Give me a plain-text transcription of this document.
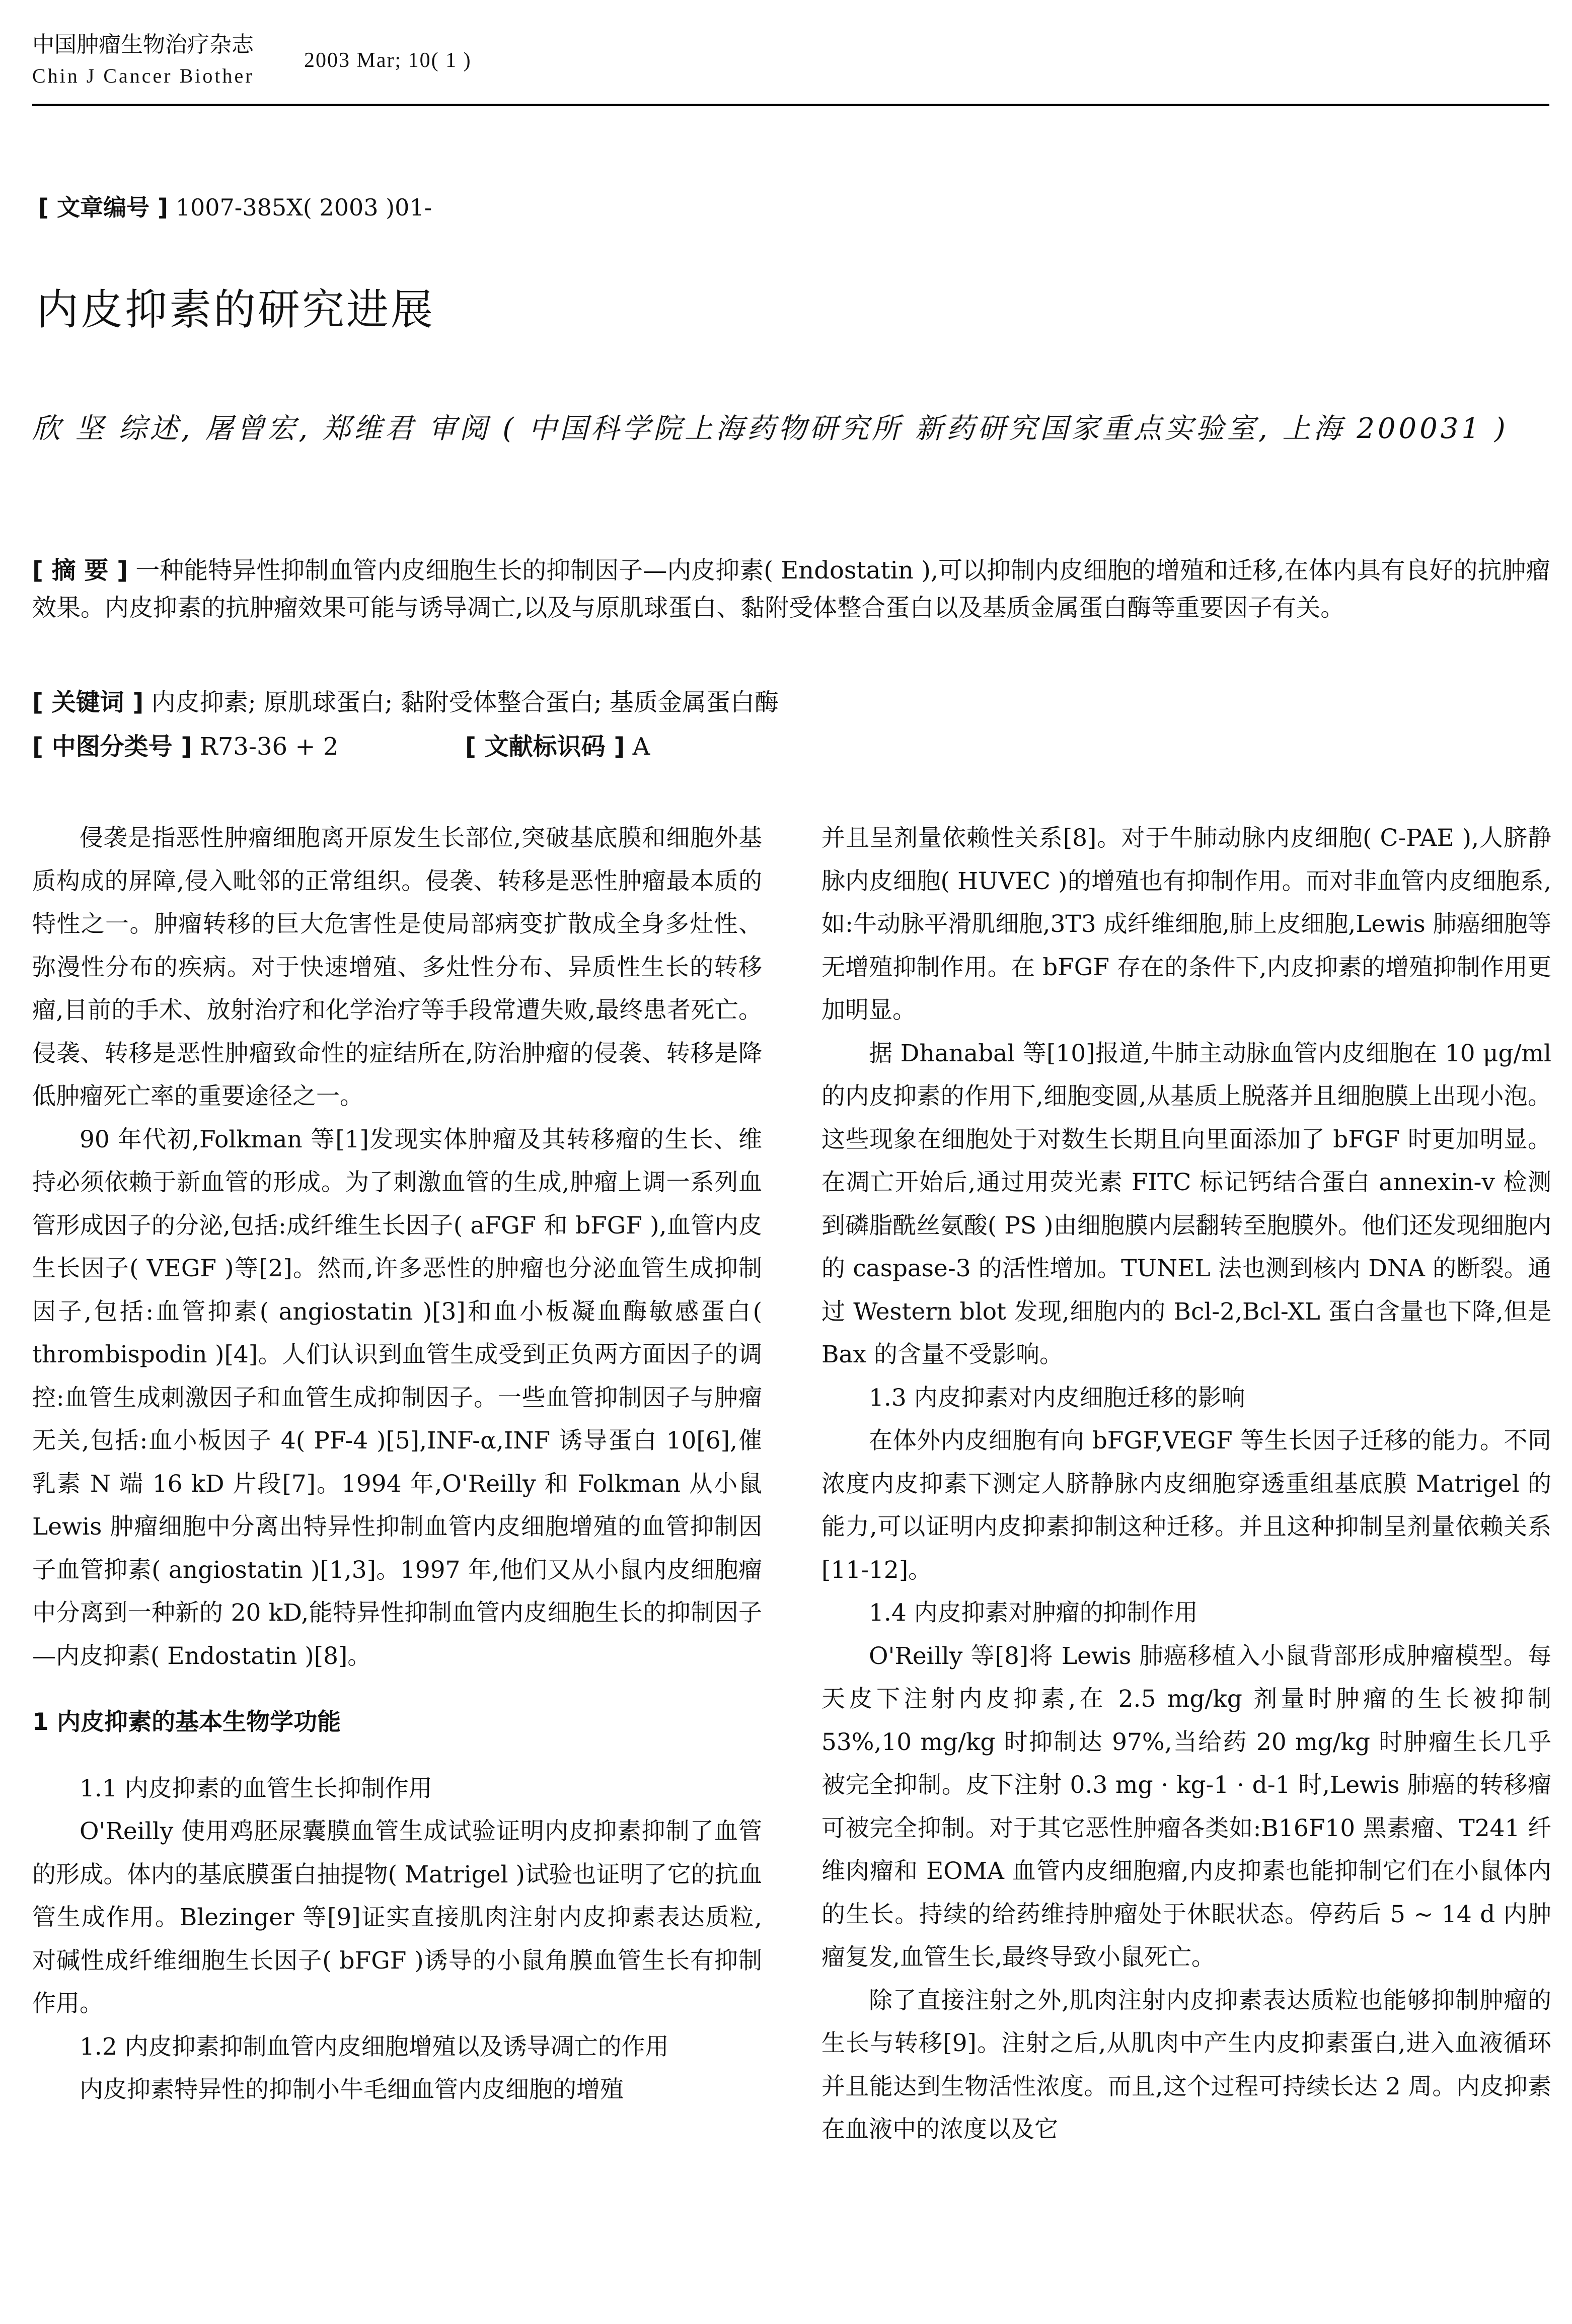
中国肿瘤生物治疗杂志
Chin J Cancer Biother
2003 Mar; 10( 1 )
[ 文章编号 ] 1007-385X( 2003 )01-
内皮抑素的研究进展
欣 坚 综述, 屠曾宏, 郑维君 审阅 ( 中国科学院上海药物研究所 新药研究国家重点实验室, 上海 200031 )
[ 摘 要 ] 一种能特异性抑制血管内皮细胞生长的抑制因子—内皮抑素( Endostatin ),可以抑制内皮细胞的增殖和迁移,在体内具有良好的抗肿瘤效果。内皮抑素的抗肿瘤效果可能与诱导凋亡,以及与原肌球蛋白、黏附受体整合蛋白以及基质金属蛋白酶等重要因子有关。
[ 关键词 ] 内皮抑素; 原肌球蛋白; 黏附受体整合蛋白; 基质金属蛋白酶
[ 中图分类号 ] R73-36 + 2	[ 文献标识码 ] A

侵袭是指恶性肿瘤细胞离开原发生长部位,突破基底膜和细胞外基质构成的屏障,侵入毗邻的正常组织。侵袭、转移是恶性肿瘤最本质的特性之一。肿瘤转移的巨大危害性是使局部病变扩散成全身多灶性、弥漫性分布的疾病。对于快速增殖、多灶性分布、异质性生长的转移瘤,目前的手术、放射治疗和化学治疗等手段常遭失败,最终患者死亡。侵袭、转移是恶性肿瘤致命性的症结所在,防治肿瘤的侵袭、转移是降低肿瘤死亡率的重要途径之一。

90 年代初,Folkman 等[1]发现实体肿瘤及其转移瘤的生长、维持必须依赖于新血管的形成。为了刺激血管的生成,肿瘤上调一系列血管形成因子的分泌,包括:成纤维生长因子( aFGF 和 bFGF ),血管内皮生长因子( VEGF )等[2]。然而,许多恶性的肿瘤也分泌血管生成抑制因子,包括:血管抑素( angiostatin )[3]和血小板凝血酶敏感蛋白( thrombispodin )[4]。人们认识到血管生成受到正负两方面因子的调控:血管生成刺激因子和血管生成抑制因子。一些血管抑制因子与肿瘤无关,包括:血小板因子 4( PF-4 )[5],INF-α,INF 诱导蛋白 10[6],催乳素 N 端 16 kD 片段[7]。1994 年,O'Reilly 和 Folkman 从小鼠 Lewis 肿瘤细胞中分离出特异性抑制血管内皮细胞增殖的血管抑制因子血管抑素( angiostatin )[1,3]。1997 年,他们又从小鼠内皮细胞瘤中分离到一种新的 20 kD,能特异性抑制血管内皮细胞生长的抑制因子—内皮抑素( Endostatin )[8]。

1 内皮抑素的基本生物学功能

1.1 内皮抑素的血管生长抑制作用

O'Reilly 使用鸡胚尿囊膜血管生成试验证明内皮抑素抑制了血管的形成。体内的基底膜蛋白抽提物( Matrigel )试验也证明了它的抗血管生成作用。Blezinger 等[9]证实直接肌肉注射内皮抑素表达质粒,对碱性成纤维细胞生长因子( bFGF )诱导的小鼠角膜血管生长有抑制作用。

1.2 内皮抑素抑制血管内皮细胞增殖以及诱导凋亡的作用

内皮抑素特异性的抑制小牛毛细血管内皮细胞的增殖

并且呈剂量依赖性关系[8]。对于牛肺动脉内皮细胞( C-PAE ),人脐静脉内皮细胞( HUVEC )的增殖也有抑制作用。而对非血管内皮细胞系,如:牛动脉平滑肌细胞,3T3 成纤维细胞,肺上皮细胞,Lewis 肺癌细胞等无增殖抑制作用。在 bFGF 存在的条件下,内皮抑素的增殖抑制作用更加明显。

据 Dhanabal 等[10]报道,牛肺主动脉血管内皮细胞在 10 μg/ml 的内皮抑素的作用下,细胞变圆,从基质上脱落并且细胞膜上出现小泡。这些现象在细胞处于对数生长期且向里面添加了 bFGF 时更加明显。在凋亡开始后,通过用荧光素 FITC 标记钙结合蛋白 annexin-v 检测到磷脂酰丝氨酸( PS )由细胞膜内层翻转至胞膜外。他们还发现细胞内的 caspase-3 的活性增加。TUNEL 法也测到核内 DNA 的断裂。通过 Western blot 发现,细胞内的 Bcl-2,Bcl-XL 蛋白含量也下降,但是 Bax 的含量不受影响。

1.3 内皮抑素对内皮细胞迁移的影响

在体外内皮细胞有向 bFGF,VEGF 等生长因子迁移的能力。不同浓度内皮抑素下测定人脐静脉内皮细胞穿透重组基底膜 Matrigel 的能力,可以证明内皮抑素抑制这种迁移。并且这种抑制呈剂量依赖关系[11-12]。

1.4 内皮抑素对肿瘤的抑制作用

O'Reilly 等[8]将 Lewis 肺癌移植入小鼠背部形成肿瘤模型。每天皮下注射内皮抑素,在 2.5 mg/kg 剂量时肿瘤的生长被抑制 53%,10 mg/kg 时抑制达 97%,当给药 20 mg/kg 时肿瘤生长几乎被完全抑制。皮下注射 0.3 mg · kg-1 · d-1 时,Lewis 肺癌的转移瘤可被完全抑制。对于其它恶性肿瘤各类如:B16F10 黑素瘤、T241 纤维肉瘤和 EOMA 血管内皮细胞瘤,内皮抑素也能抑制它们在小鼠体内的生长。持续的给药维持肿瘤处于休眠状态。停药后 5 ~ 14 d 内肿瘤复发,血管生长,最终导致小鼠死亡。

除了直接注射之外,肌肉注射内皮抑素表达质粒也能够抑制肿瘤的生长与转移[9]。注射之后,从肌肉中产生内皮抑素蛋白,进入血液循环并且能达到生物活性浓度。而且,这个过程可持续长达 2 周。内皮抑素在血液中的浓度以及它
